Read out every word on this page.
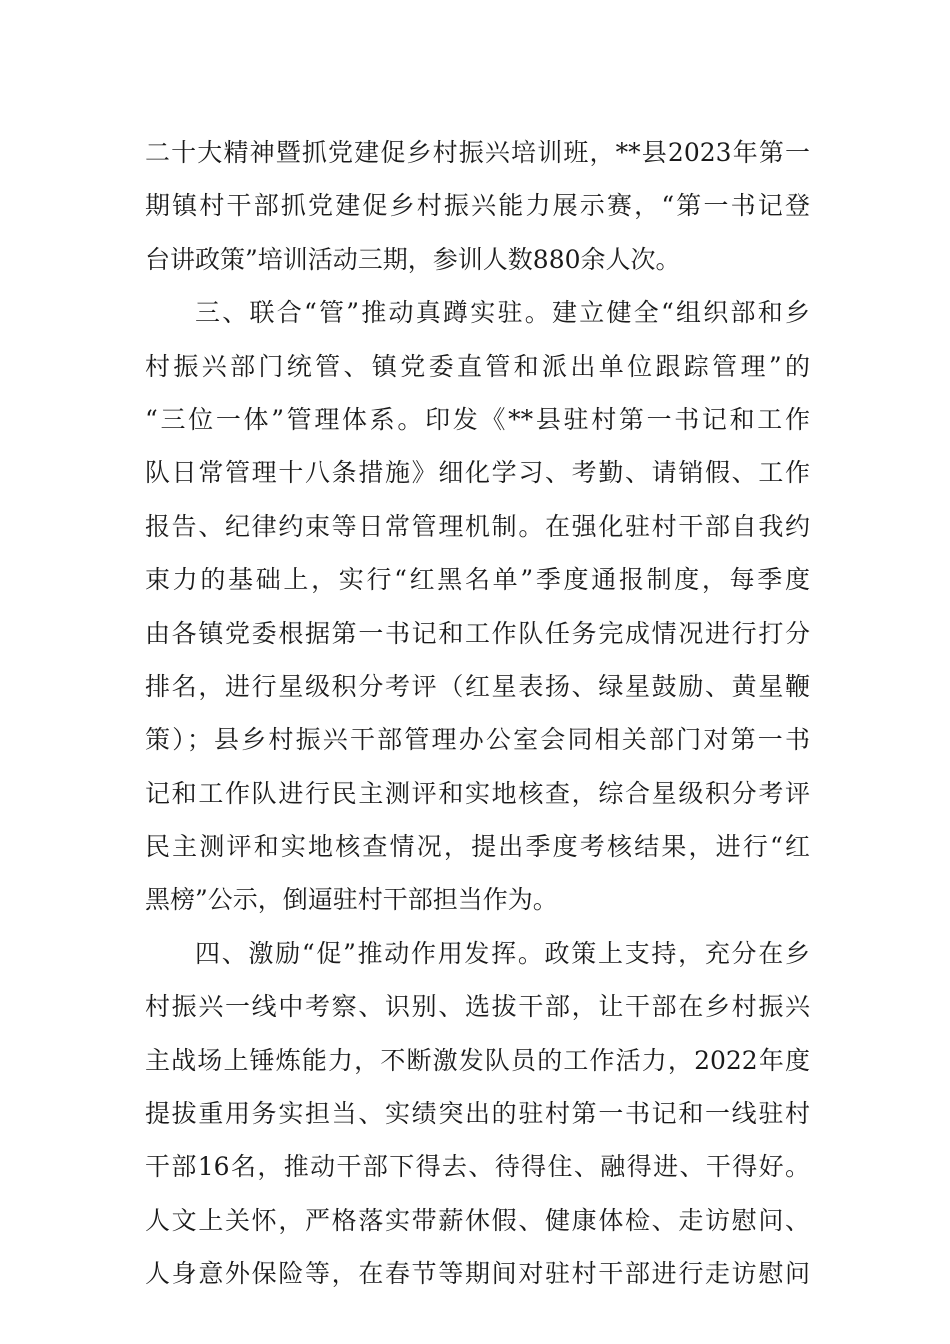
二十大精神暨抓党建促乡村振兴培训班，**县2023年第一
期镇村干部抓党建促乡村振兴能力展示赛，“第一书记登
台讲政策”培训活动三期，参训人数880余人次。
三、联合“管”推动真蹲实驻。建立健全“组织部和乡
村振兴部门统管、镇党委直管和派出单位跟踪管理”的
“三位一体”管理体系。印发《**县驻村第一书记和工作
队日常管理十八条措施》细化学习、考勤、请销假、工作
报告、纪律约束等日常管理机制。在强化驻村干部自我约
束力的基础上，实行“红黑名单”季度通报制度，每季度
由各镇党委根据第一书记和工作队任务完成情况进行打分
排名，进行星级积分考评（红星表扬、绿星鼓励、黄星鞭
策）；县乡村振兴干部管理办公室会同相关部门对第一书
记和工作队进行民主测评和实地核查，综合星级积分考评
民主测评和实地核查情况，提出季度考核结果，进行“红
黑榜”公示，倒逼驻村干部担当作为。
四、激励“促”推动作用发挥。政策上支持，充分在乡
村振兴一线中考察、识别、选拔干部，让干部在乡村振兴
主战场上锤炼能力，不断激发队员的工作活力，2022年度
提拔重用务实担当、实绩突出的驻村第一书记和一线驻村
干部16名，推动干部下得去、待得住、融得进、干得好。
人文上关怀，严格落实带薪休假、健康体检、走访慰问、
人身意外保险等，在春节等期间对驻村干部进行走访慰问
